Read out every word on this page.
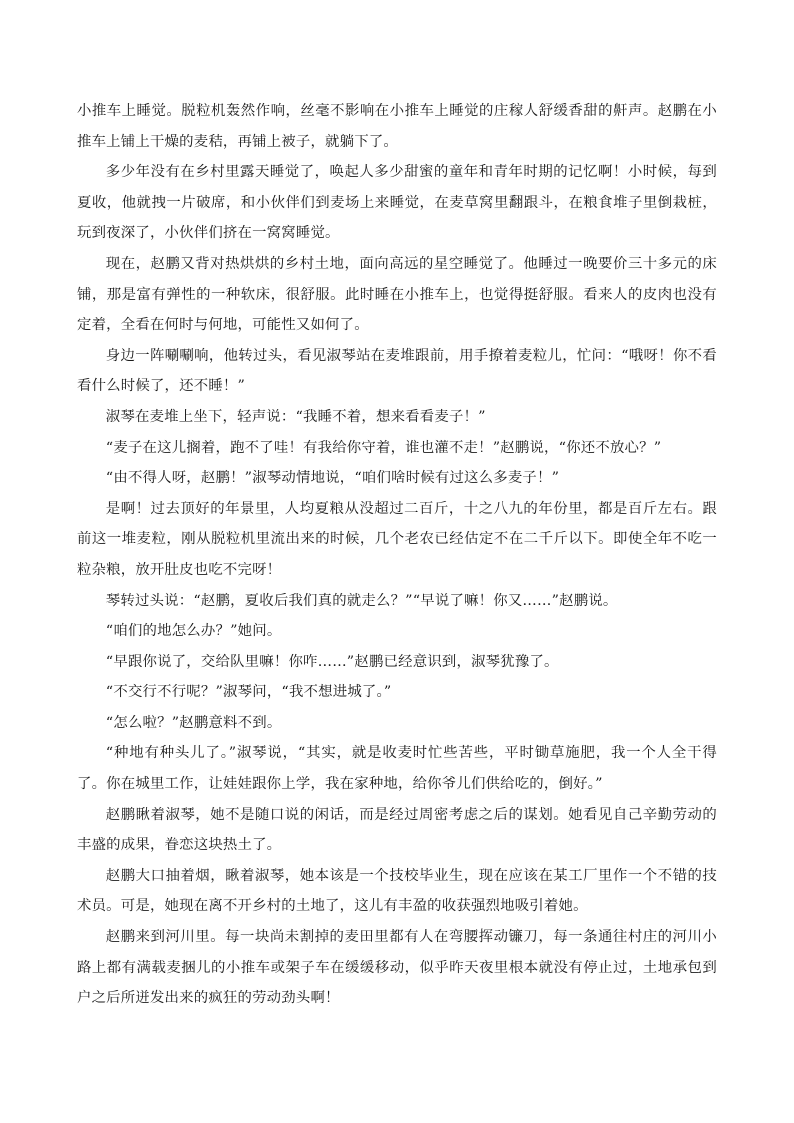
小推车上睡觉。脱粒机轰然作响，丝毫不影响在小推车上睡觉的庄稼人舒缓香甜的鼾声。赵鹏在小推车上铺上干燥的麦秸，再铺上被子，就躺下了。

多少年没有在乡村里露天睡觉了，唤起人多少甜蜜的童年和青年时期的记忆啊！小时候，每到夏收，他就拽一片破席，和小伙伴们到麦场上来睡觉，在麦草窝里翻跟斗，在粮食堆子里倒栽桩，玩到夜深了，小伙伴们挤在一窝窝睡觉。

现在，赵鹏又背对热烘烘的乡村土地，面向高远的星空睡觉了。他睡过一晚要价三十多元的床铺，那是富有弹性的一种软床，很舒服。此时睡在小推车上，也觉得挺舒服。看来人的皮肉也没有定着，全看在何时与何地，可能性又如何了。

身边一阵唰唰响，他转过头，看见淑琴站在麦堆跟前，用手撩着麦粒儿，忙问：“哦呀！你不看看什么时候了，还不睡！”

淑琴在麦堆上坐下，轻声说：“我睡不着，想来看看麦子！”

“麦子在这儿搁着，跑不了哇！有我给你守着，谁也灌不走！”赵鹏说，“你还不放心？”

“由不得人呀，赵鹏！”淑琴动情地说，“咱们啥时候有过这么多麦子！”

是啊！过去顶好的年景里，人均夏粮从没超过二百斤，十之八九的年份里，都是百斤左右。跟前这一堆麦粒，刚从脱粒机里流出来的时候，几个老农已经估定不在二千斤以下。即使全年不吃一粒杂粮，放开肚皮也吃不完呀！

琴转过头说：“赵鹏，夏收后我们真的就走么？”“早说了嘛！你又……”赵鹏说。

“咱们的地怎么办？”她问。

“早跟你说了，交给队里嘛！你咋……”赵鹏已经意识到，淑琴犹豫了。

“不交行不行呢？”淑琴问，“我不想进城了。”

“怎么啦？”赵鹏意料不到。

“种地有种头儿了。”淑琴说，“其实，就是收麦时忙些苦些，平时锄草施肥，我一个人全干得了。你在城里工作，让娃娃跟你上学，我在家种地，给你爷儿们供给吃的，倒好。”

赵鹏瞅着淑琴，她不是随口说的闲话，而是经过周密考虑之后的谋划。她看见自己辛勤劳动的丰盛的成果，眷恋这块热土了。

赵鹏大口抽着烟，瞅着淑琴，她本该是一个技校毕业生，现在应该在某工厂里作一个不错的技术员。可是，她现在离不开乡村的土地了，这儿有丰盈的收获强烈地吸引着她。

赵鹏来到河川里。每一块尚未割掉的麦田里都有人在弯腰挥动镰刀，每一条通往村庄的河川小路上都有满载麦捆儿的小推车或架子车在缓缓移动，似乎昨天夜里根本就没有停止过，土地承包到户之后所迸发出来的疯狂的劳动劲头啊！
